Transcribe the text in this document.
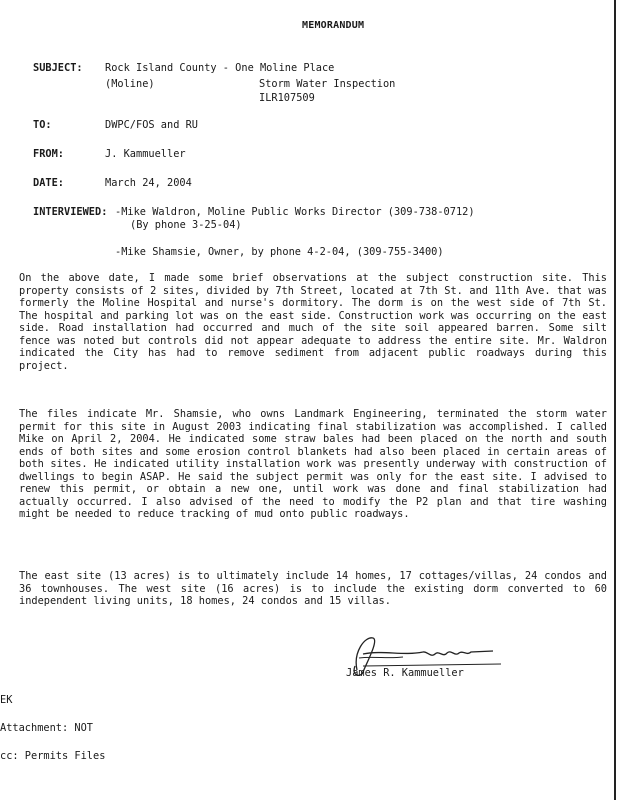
MEMORANDUM
SUBJECT: Rock Island County - One Moline Place
(Moline)	Storm Water Inspection
ILR107509
TO:	DWPC/FOS and RU
FROM:	J. Kammueller
DATE:	March 24, 2004
INTERVIEWED: -Mike Waldron, Moline Public Works Director (309-738-0712)
(By phone 3-25-04)
-Mike Shamsie, Owner, by phone 4-2-04, (309-755-3400)

On the above date, I made some brief observations at the subject construction site. This property consists of 2 sites, divided by 7th Street, located at 7th St. and 11th Ave. that was formerly the Moline Hospital and nurse's dormitory. The dorm is on the west side of 7th St. The hospital and parking lot was on the east side. Construction work was occurring on the east side. Road installation had occurred and much of the site soil appeared barren. Some silt fence was noted but controls did not appear adequate to address the entire site. Mr. Waldron indicated the City has had to remove sediment from adjacent public roadways during this project.

The files indicate Mr. Shamsie, who owns Landmark Engineering, terminated the storm water permit for this site in August 2003 indicating final stabilization was accomplished. I called Mike on April 2, 2004. He indicated some straw bales had been placed on the north and south ends of both sites and some erosion control blankets had also been placed in certain areas of both sites. He indicated utility installation work was presently underway with construction of dwellings to begin ASAP. He said the subject permit was only for the east site. I advised to renew this permit, or obtain a new one, until work was done and final stabilization had actually occurred. I also advised of the need to modify the P2 plan and that tire washing might be needed to reduce tracking of mud onto public roadways.

The east site (13 acres) is to ultimately include 14 homes, 17 cottages/villas, 24 condos and 36 townhouses. The west site (16 acres) is to include the existing dorm converted to 60 independent living units, 18 homes, 24 condos and 15 villas.

James R. Kammueller
EK
Attachment: NOT
cc: Permits Files
